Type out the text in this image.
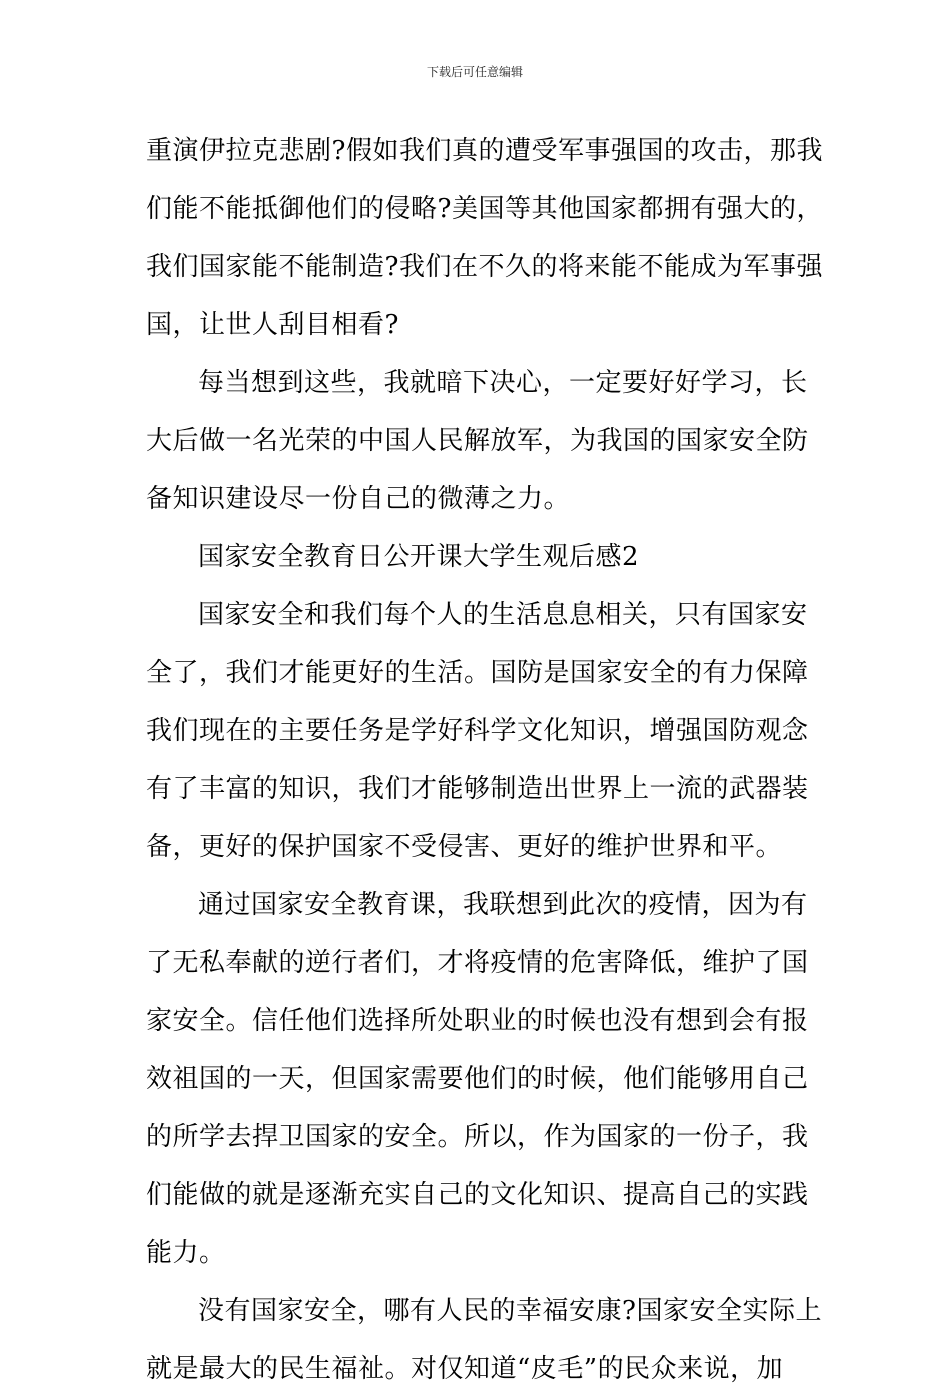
下载后可任意编辑
重演伊拉克悲剧?假如我们真的遭受军事强国的攻击，那我
们能不能抵御他们的侵略?美国等其他国家都拥有强大的，
我们国家能不能制造?我们在不久的将来能不能成为军事强
国，让世人刮目相看?
每当想到这些，我就暗下决心，一定要好好学习，长
大后做一名光荣的中国人民解放军，为我国的国家安全防
备知识建设尽一份自己的微薄之力。
国家安全教育日公开课大学生观后感2
国家安全和我们每个人的生活息息相关，只有国家安
全了，我们才能更好的生活。国防是国家安全的有力保障
我们现在的主要任务是学好科学文化知识，增强国防观念
有了丰富的知识，我们才能够制造出世界上一流的武器装
备，更好的保护国家不受侵害、更好的维护世界和平。
通过国家安全教育课，我联想到此次的疫情，因为有
了无私奉献的逆行者们，才将疫情的危害降低，维护了国
家安全。信任他们选择所处职业的时候也没有想到会有报
效祖国的一天，但国家需要他们的时候，他们能够用自己
的所学去捍卫国家的安全。所以，作为国家的一份子，我
们能做的就是逐渐充实自己的文化知识、提高自己的实践
能力。
没有国家安全，哪有人民的幸福安康?国家安全实际上
就是最大的民生福祉。对仅知道“皮毛”的民众来说，加
